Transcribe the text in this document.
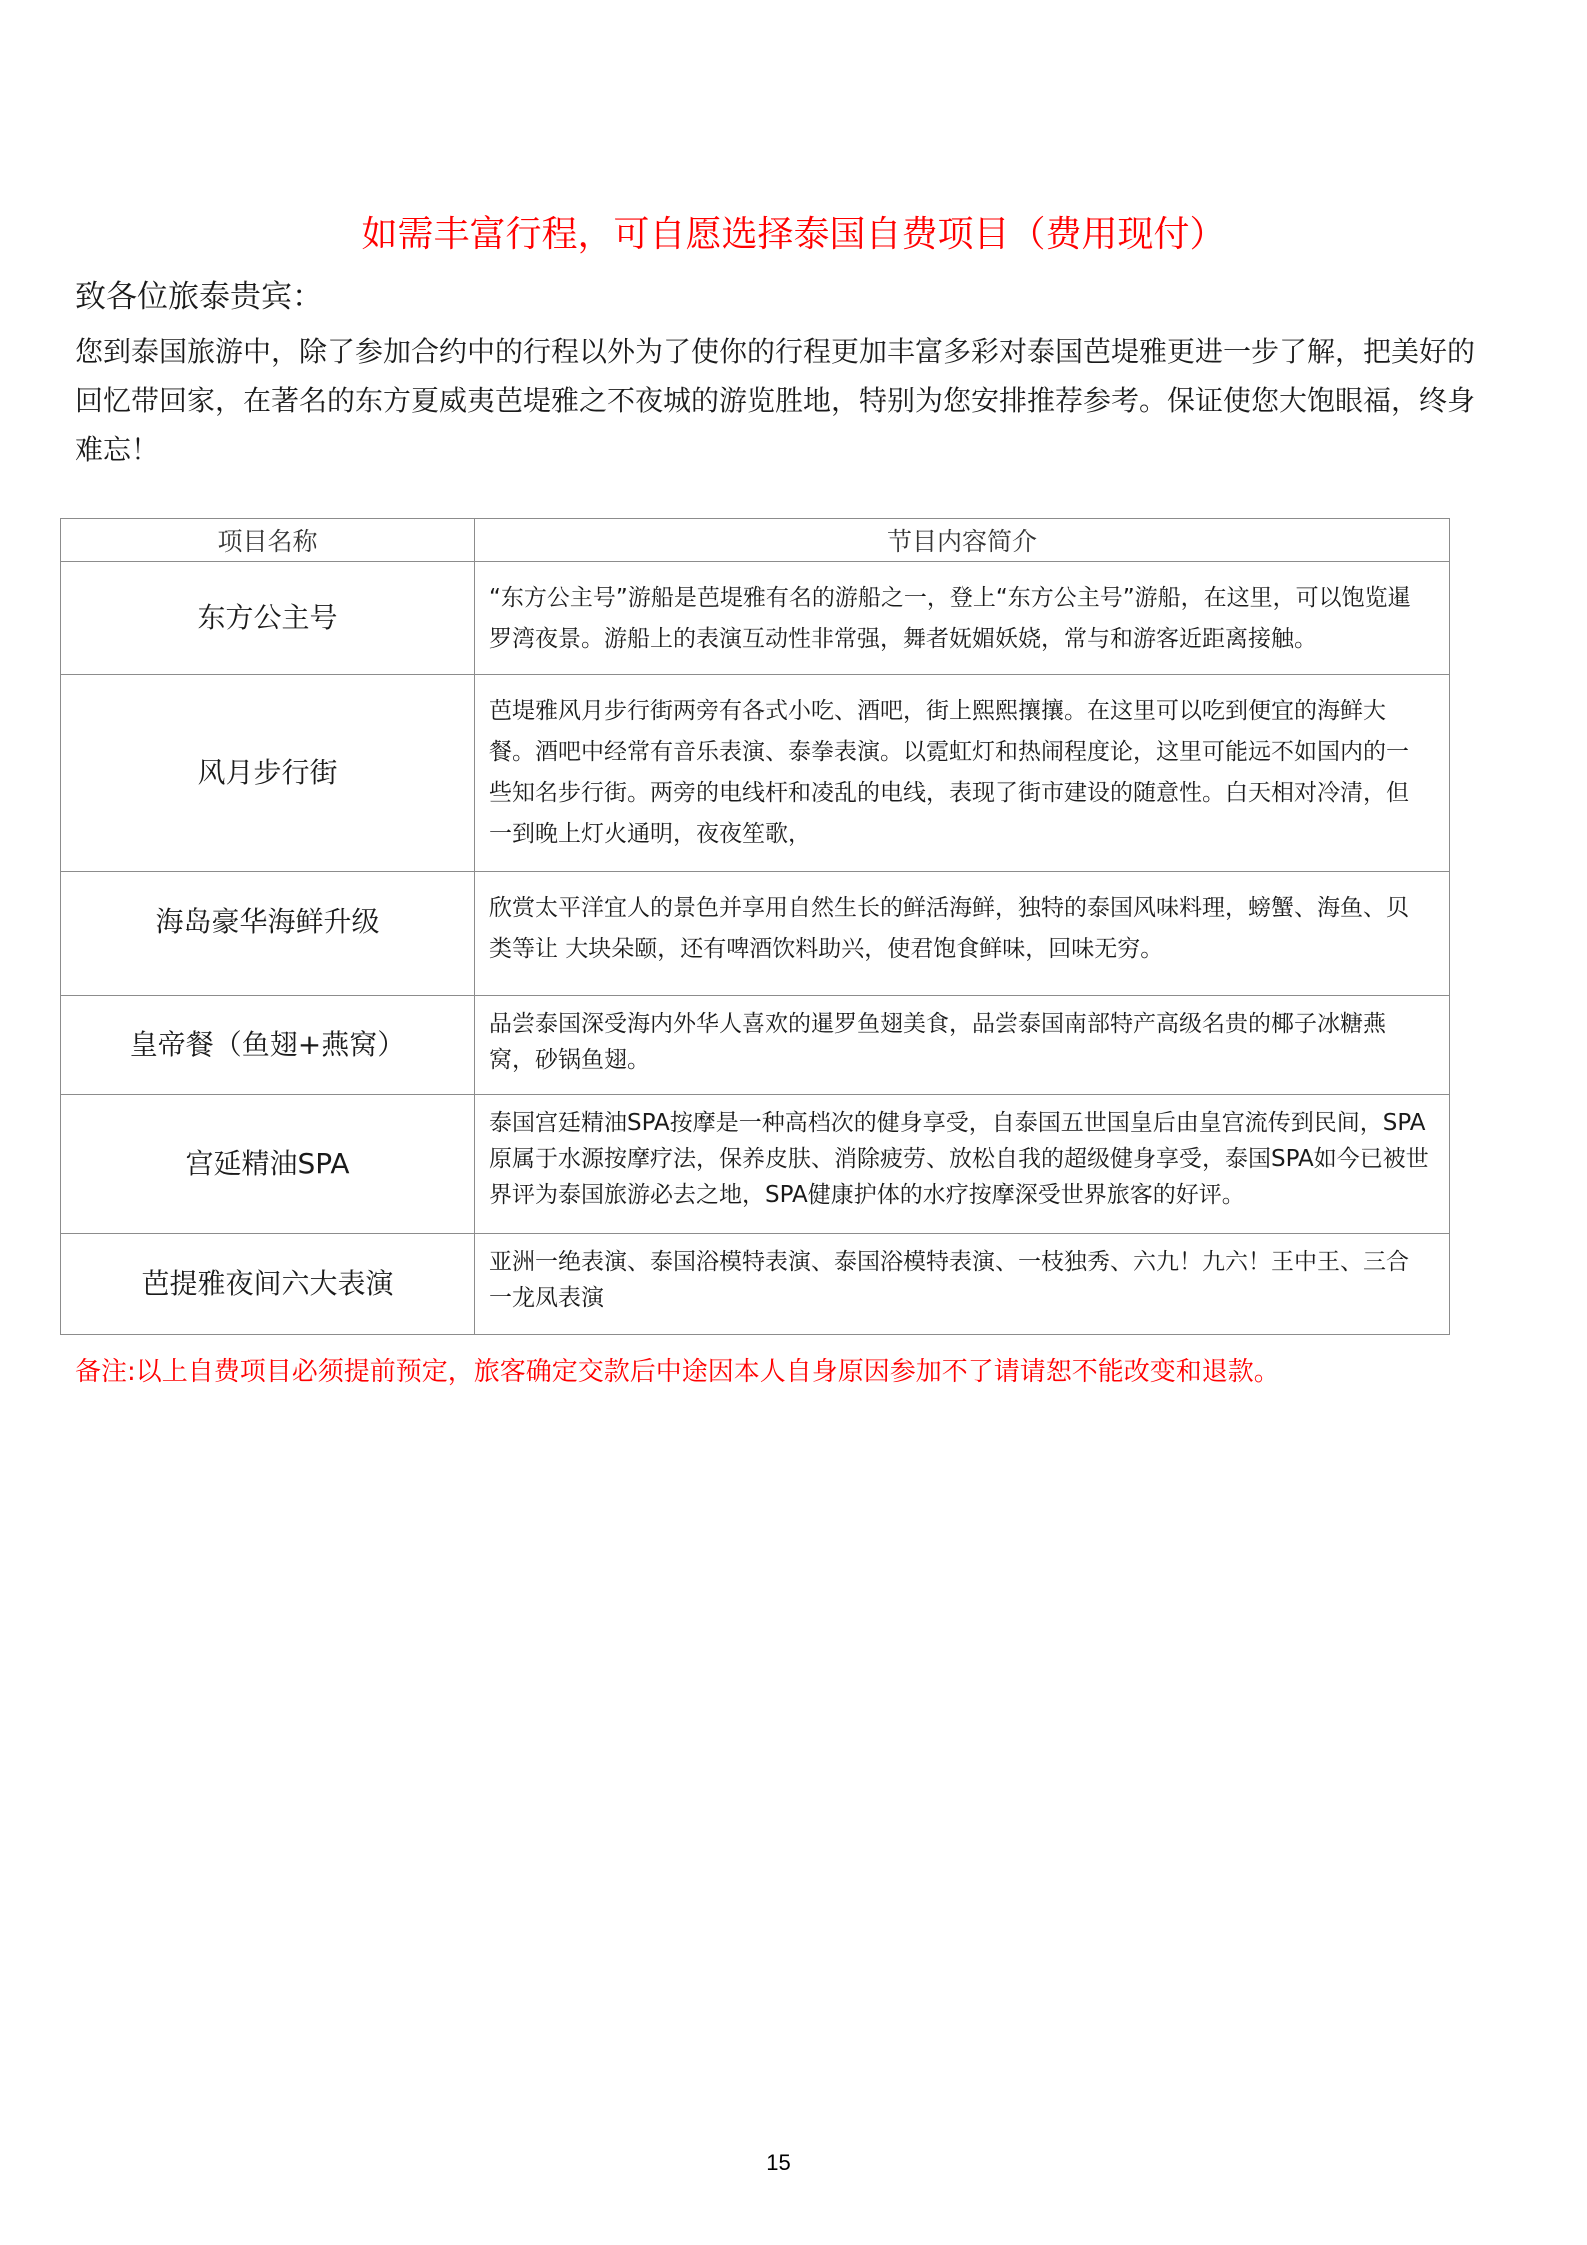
如需丰富行程，可自愿选择泰国自费项目（费用现付）

致各位旅泰贵宾：

您到泰国旅游中，除了参加合约中的行程以外为了使你的行程更加丰富多彩对泰国芭堤雅更进一步了解，把美好的回忆带回家，在著名的东方夏威夷芭堤雅之不夜城的游览胜地，特别为您安排推荐参考。保证使您大饱眼福，终身难忘！

项目名称	节目内容简介
东方公主号	“东方公主号”游船是芭堤雅有名的游船之一，登上“东方公主号”游船，在这里，可以饱览暹罗湾夜景。游船上的表演互动性非常强，舞者妩媚妖娆，常与和游客近距离接触。
风月步行街	芭堤雅风月步行街两旁有各式小吃、酒吧，街上熙熙攘攘。在这里可以吃到便宜的海鲜大餐。酒吧中经常有音乐表演、泰拳表演。以霓虹灯和热闹程度论，这里可能远不如国内的一些知名步行街。两旁的电线杆和凌乱的电线，表现了街市建设的随意性。白天相对冷清，但一到晚上灯火通明，夜夜笙歌，
海岛豪华海鲜升级	欣赏太平洋宜人的景色并享用自然生长的鲜活海鲜，独特的泰国风味料理，螃蟹、海鱼、贝类等让 大块朵颐，还有啤酒饮料助兴，使君饱食鲜味，回味无穷。
皇帝餐（鱼翅+燕窝）	品尝泰国深受海内外华人喜欢的暹罗鱼翅美食，品尝泰国南部特产高级名贵的椰子冰糖燕窝，砂锅鱼翅。
宫延精油SPA	泰国宫廷精油SPA按摩是一种高档次的健身享受，自泰国五世国皇后由皇宫流传到民间，SPA原属于水源按摩疗法，保养皮肤、消除疲劳、放松自我的超级健身享受，泰国SPA如今已被世界评为泰国旅游必去之地，SPA健康护体的水疗按摩深受世界旅客的好评。
芭提雅夜间六大表演	亚洲一绝表演、泰国浴模特表演、泰国浴模特表演、一枝独秀、六九！九六！王中王、三合一龙凤表演

备注:以上自费项目必须提前预定，旅客确定交款后中途因本人自身原因参加不了请请恕不能改变和退款。

15
